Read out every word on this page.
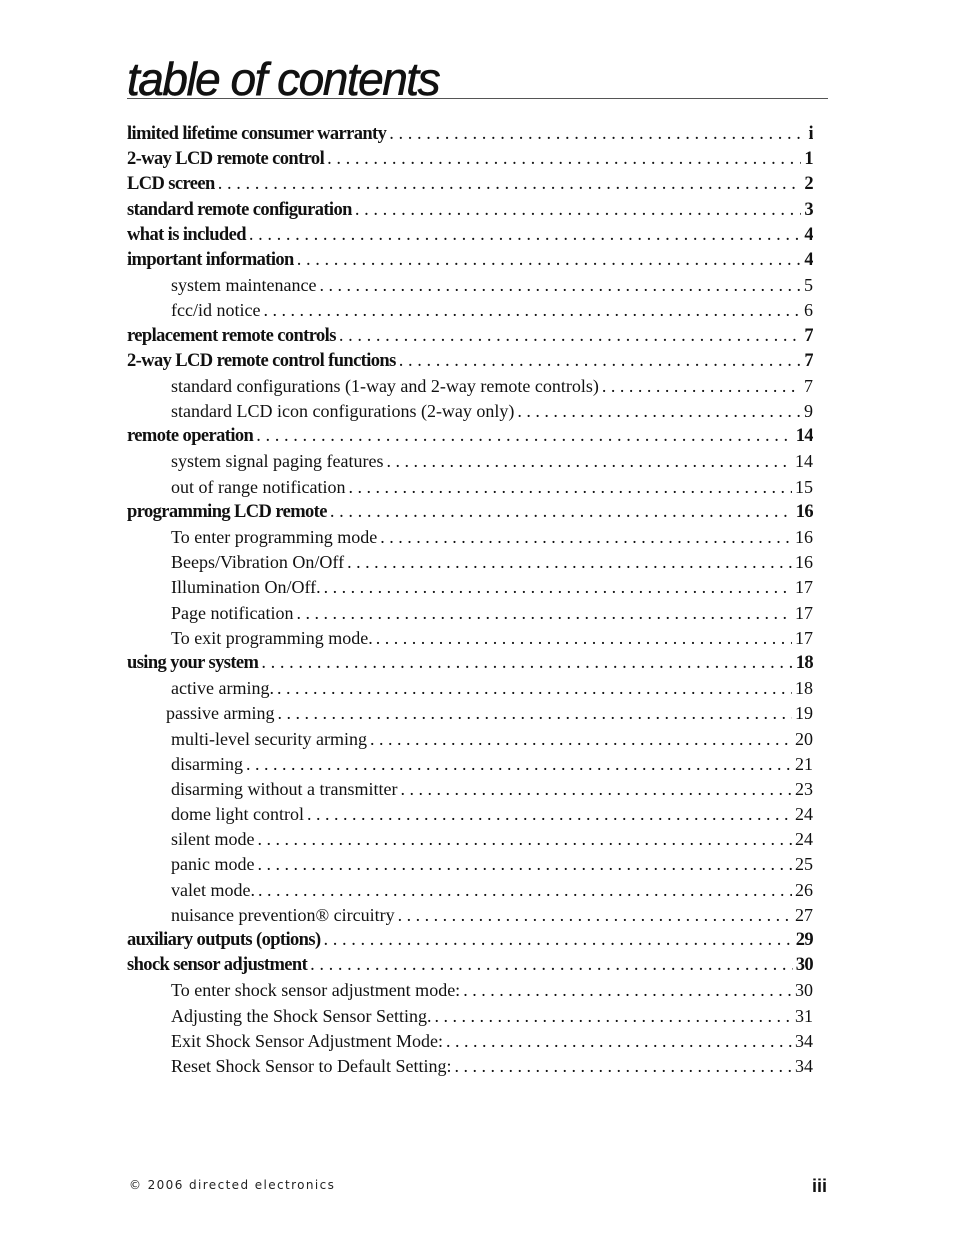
table of contents
limited lifetime consumer warranty . . .	i
2-way LCD remote control . . .	1
LCD screen . . .	2
standard remote configuration . . .	3
what is included . . .	4
important information . . .	4
system maintenance . . .	5
fcc/id notice . . .	6
replacement remote controls . . .	7
2-way LCD remote control functions . . .	7
standard configurations (1-way and 2-way remote controls) . . .	7
standard LCD icon configurations (2-way only) . . .	9
remote operation . . .	14
system signal paging features . . .	14
out of range notification . . .	15
programming LCD remote . . .	16
To enter programming mode . . .	16
Beeps/Vibration On/Off . . .	16
Illumination On/Off. . . .	17
Page notification . . .	17
To exit programming mode. . . .	17
using your system . . .	18
active arming. . . .	18
passive arming . . .	19
multi-level security arming . . .	20
disarming . . .	21
disarming without a transmitter . . .	23
dome light control . . .	24
silent mode . . .	24
panic mode . . .	25
valet mode. . . .	26
nuisance prevention® circuitry . . .	27
auxiliary outputs (options) . . .	29
shock sensor adjustment . . .	30
To enter shock sensor adjustment mode: . . .	30
Adjusting the Shock Sensor Setting. . . .	31
Exit Shock Sensor Adjustment Mode: . . .	34
Reset Shock Sensor to Default Setting: . . .	34
© 2006 directed electronics	iii
